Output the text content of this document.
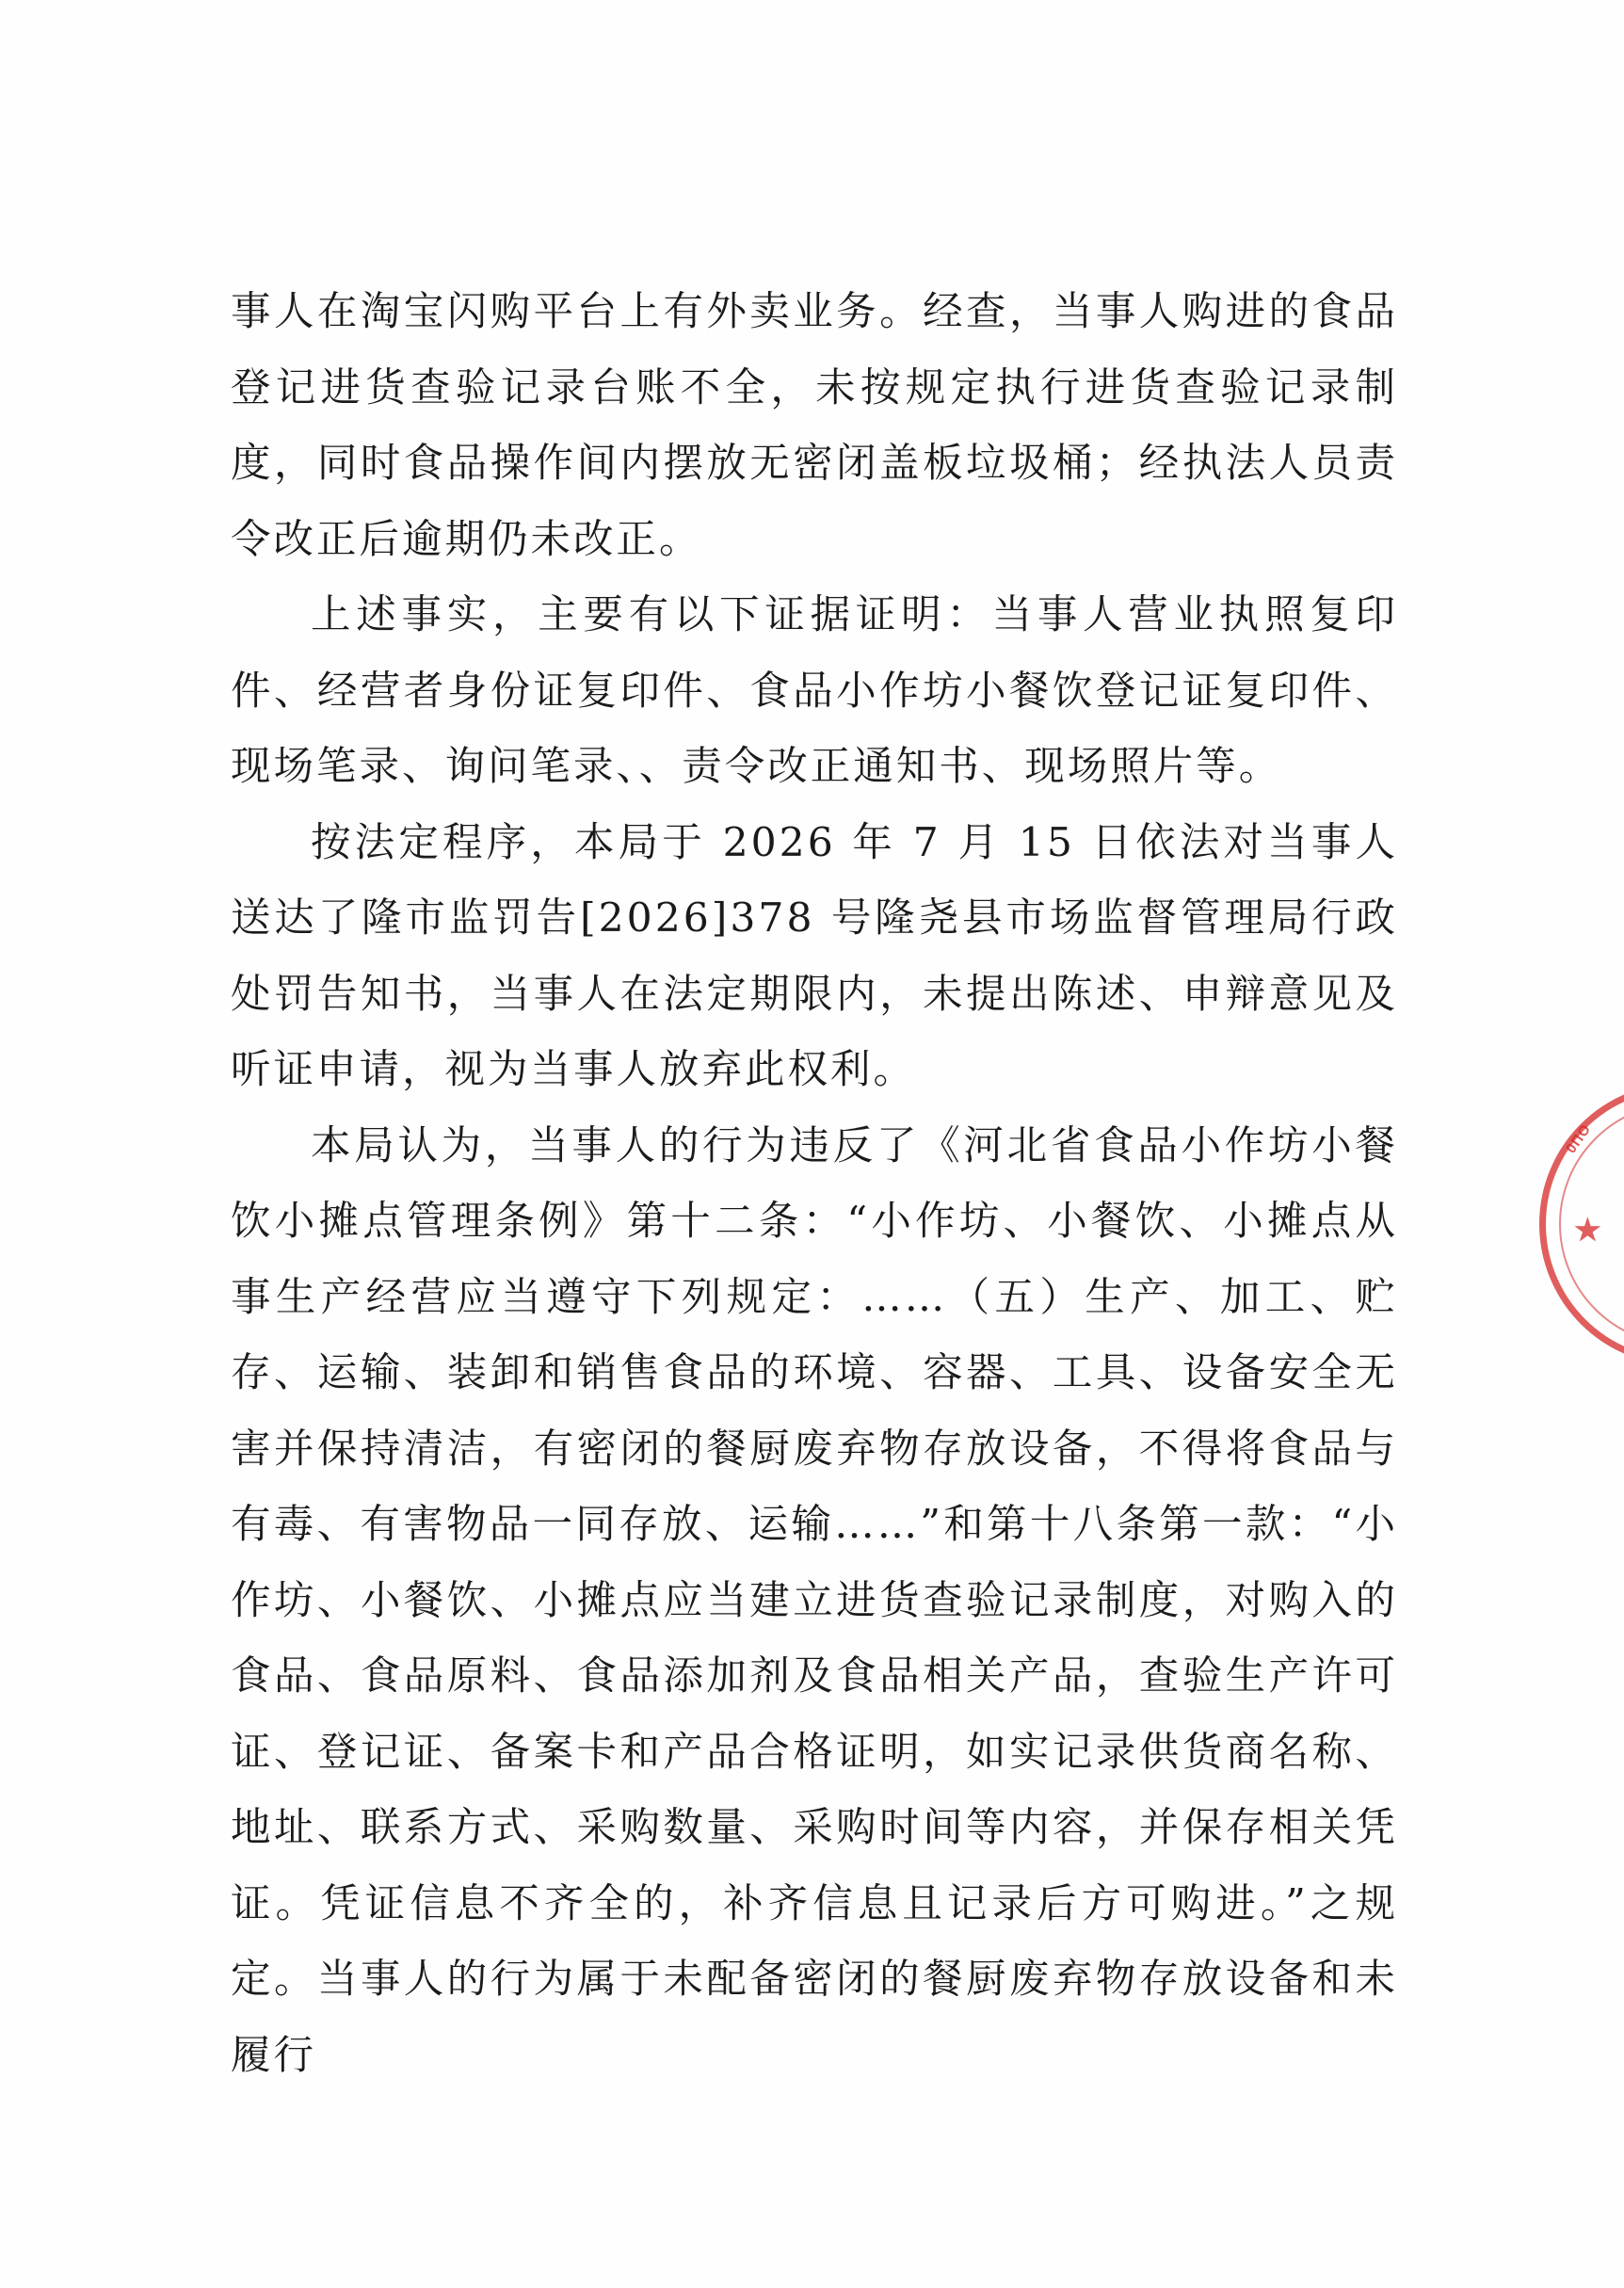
事人在淘宝闪购平台上有外卖业务。经查，当事人购进的食品登记进货查验记录台账不全，未按规定执行进货查验记录制度，同时食品操作间内摆放无密闭盖板垃圾桶；经执法人员责令改正后逾期仍未改正。

上述事实，主要有以下证据证明：当事人营业执照复印件、经营者身份证复印件、食品小作坊小餐饮登记证复印件、现场笔录、询问笔录、、责令改正通知书、现场照片等。

按法定程序，本局于 2026 年 7 月 15 日依法对当事人送达了隆市监罚告[2026]378 号隆尧县市场监督管理局行政处罚告知书，当事人在法定期限内，未提出陈述、申辩意见及听证申请，视为当事人放弃此权利。

本局认为，当事人的行为违反了《河北省食品小作坊小餐饮小摊点管理条例》第十二条：“小作坊、小餐饮、小摊点从事生产经营应当遵守下列规定：……（五）生产、加工、贮存、运输、装卸和销售食品的环境、容器、工具、设备安全无害并保持清洁，有密闭的餐厨废弃物存放设备，不得将食品与有毒、有害物品一同存放、运输……”和第十八条第一款：“小作坊、小餐饮、小摊点应当建立进货查验记录制度，对购入的食品、食品原料、食品添加剂及食品相关产品，查验生产许可证、登记证、备案卡和产品合格证明，如实记录供货商名称、地址、联系方式、采购数量、采购时间等内容，并保存相关凭证。凭证信息不齐全的，补齐信息且记录后方可购进。”之规定。当事人的行为属于未配备密闭的餐厨废弃物存放设备和未履行

0ПО
★
